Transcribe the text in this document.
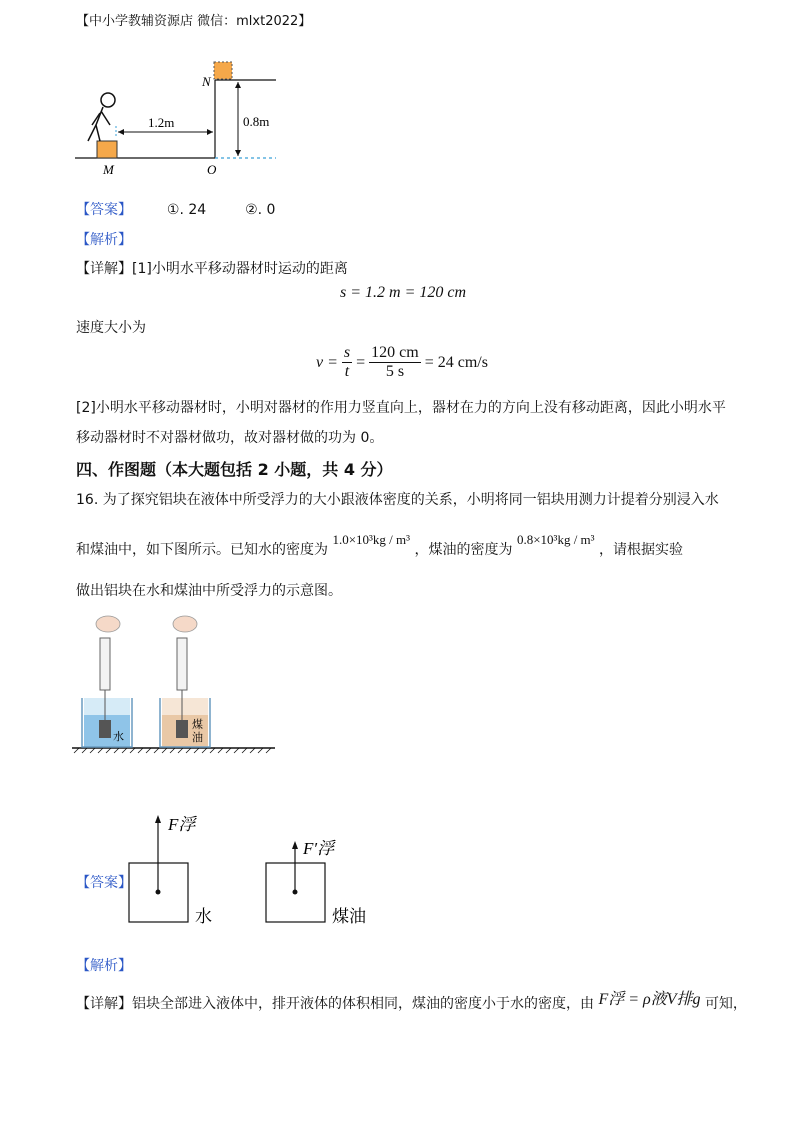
【中小学教辅资源店 微信：mlxt2022】
N
M	O
1.2m	0.8m
【答案】 ①. 24	②. 0
【解析】
【详解】[1]小明水平移动器材时运动的距离
s = 1.2 m = 120 cm
速度大小为
$v = \frac{s}{t} = \frac{120 cm}{5 s} = 24$ cm/s
[2]小明水平移动器材时，小明对器材的作用力竖直向上，器材在力的方向上没有移动距离，因此小明水平
移动器材时不对器材做功，故对器材做的功为 0。
四、作图题（本大题包括 2 小题，共 4 分）
16. 为了探究铝块在液体中所受浮力的大小跟液体密度的关系，小明将同一铝块用测力计提着分别浸入水
和煤油中，如下图所示。已知水的密度为 1.0×10³kg / m³ ，煤油的密度为 0.8×10³kg / m³ ，请根据实验
做出铝块在水和煤油中所受浮力的示意图。
水
煤
油
【答案】
F浮
水
F′浮
煤油
【解析】
【详解】铝块全部进入液体中，排开液体的体积相同，煤油的密度小于水的密度，由 F浮 = ρ液V排g 可知，
